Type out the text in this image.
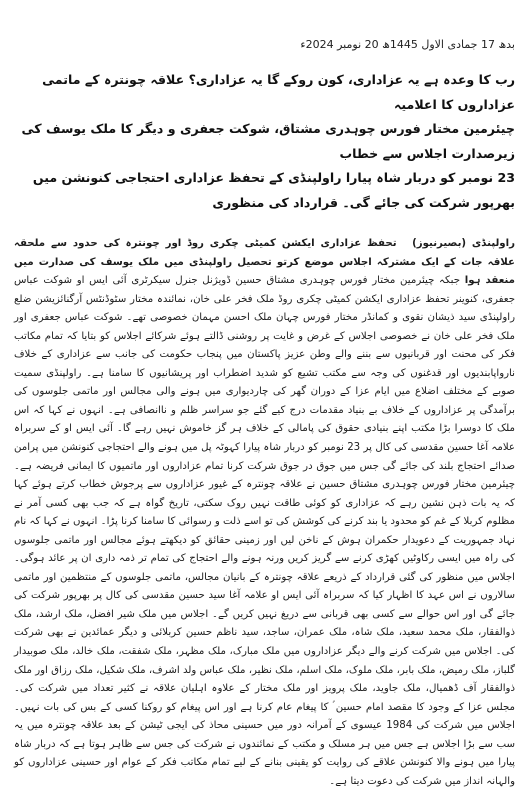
بدھ 17 جمادی الاول 1445ھ 20 نومبر 2024ء

رب کا وعدہ ہے یہ عزاداری، کون روکے گا یہ عزاداری؟ علاقہ چونترہ کے ماتمی عزاداروں کا اعلامیہ

چیئرمین مختار فورس چوہدری مشتاق، شوکت جعفری و دیگر کا ملک یوسف کی زیرصدارت اجلاس سے خطاب

23 نومبر کو دربار شاہ پیارا راولپنڈی کے تحفظ عزاداری احتجاجی کنونشن میں بھرپور شرکت کی جائے گی۔ قرارداد کی منظوری

راولپنڈی (بصیرنیوز) تحفظ عزاداری ایکشن کمیٹی چکری روڈ اور چونترہ کی حدود سے ملحقہ علاقہ جات کے ایک مشترکہ اجلاس موضع کرتو تحصیل راولپنڈی میں ملک یوسف کی صدارت میں منعقد ہوا جبکہ چیئرمین مختار فورس چوہدری مشتاق حسین ڈویژنل جنرل سیکرٹری آئی ایس او شوکت عباس جعفری، کنوینر تحفظ عزاداری ایکشن کمیٹی چکری روڈ ملک فخر علی خان، نمائندہ مختار سٹوڈنٹس آرگنائزیشن ضلع راولپنڈی سید ذیشان نقوی و کمانڈر مختار فورس چہان ملک احسن مہمان خصوصی تھے۔ شوکت عباس جعفری اور ملک فخر علی خان نے خصوصی اجلاس کے غرض و غایت پر روشنی ڈالتے ہوئے شرکائے اجلاس کو بتایا کہ تمام مکاتب فکر کی محنت اور قربانیوں سے بننے والے وطن عزیز پاکستان میں پنجاب حکومت کی جانب سے عزاداری کے خلاف نارواپابندیوں اور قدغنوں کی وجہ سے مکتب تشیع کو شدید اضطراب اور پریشانیوں کا سامنا ہے۔ راولپنڈی سمیت صوبے کے مختلف اضلاع میں ایام عزا کے دوران گھر کی چاردیواری میں ہونے والی مجالس اور ماتمی جلوسوں کی برآمدگی پر عزاداروں کے خلاف بے بنیاد مقدمات درج کیے گئے جو سراسر ظلم و ناانصافی ہے۔ انہوں نے کہا کہ اس ملک کا دوسرا بڑا مکتب اپنے بنیادی حقوق کی پامالی کے خلاف ہر گز خاموش نہیں رہے گا۔ آئی ایس او کے سربراہ علامہ آغا حسین مقدسی کی کال پر 23 نومبر کو دربار شاہ پیارا کہوٹہ پل میں ہونے والے احتجاجی کنونشن میں پرامن صدائے احتجاج بلند کی جائے گی جس میں جوق در جوق شرکت کرنا تمام عزاداروں اور ماتمیوں کا ایمانی فریضہ ہے۔ چیئرمین مختار فورس چوہدری مشتاق حسین نے علاقہ چونترہ کے غیور عزاداروں سے پرجوش خطاب کرتے ہوئے کہا کہ یہ بات ذہن نشین رہے کہ عزاداری کو کوئی طاقت نہیں روک سکتی، تاریخ گواہ ہے کہ جب بھی کسی آمر نے مظلوم کربلا کے غم کو محدود یا بند کرنے کی کوشش کی تو اسے ذلت و رسوائی کا سامنا کرنا پڑا۔ انہوں نے کہا کہ نام نہاد جمہوریت کے دعویدار حکمران ہوش کے ناخن لیں اور زمینی حقائق کو دیکھتے ہوئے مجالس اور ماتمی جلوسوں کی راہ میں ایسی رکاوٹیں کھڑی کرنے سے گریز کریں ورنہ ہونے والے احتجاج کی تمام تر ذمہ داری ان پر عائد ہوگی۔ اجلاس میں منظور کی گئی قرارداد کے ذریعے علاقہ چونترہ کے بانیان مجالس، ماتمی جلوسوں کے منتظمین اور ماتمی سالاروں نے اس عہد کا اظہار کیا کہ سربراہ آئی ایس او علامہ آغا سید حسین مقدسی کی کال پر بھرپور شرکت کی جائے گی اور اس حوالے سے کسی بھی قربانی سے دریغ نہیں کریں گے۔ اجلاس میں ملک شیر افضل، ملک ارشد، ملک ذوالفقار، ملک محمد سعید، ملک شاہ، ملک عمران، ساجد، سید ناظم حسین کربلائی و دیگر عمائدین نے بھی شرکت کی۔ اجلاس میں شرکت کرنے والے دیگر عزاداروں میں ملک مبارک، ملک مظہر، ملک شفقت، ملک خالد، ملک صوبیدار گلباز، ملک رمیض، ملک بابر، ملک ملوک، ملک اسلم، ملک نظیر، ملک عباس ولد اشرف، ملک شکیل، ملک رزاق اور ملک ذوالفقار آف ڈھمیال، ملک جاوید، ملک پرویز اور ملک مختار کے علاوہ اہلیان علاقہ نے کثیر تعداد میں شرکت کی۔ مجلس عزا کے وجود کا مقصد امام حسین ؑ کا پیغام عام کرنا ہے اور اس پیغام کو روکنا کسی کے بس کی بات نہیں۔ اجلاس میں شرکت کی 1984 عیسوی کے آمرانہ دور میں حسینی محاذ کی ایجی ٹیشن کے بعد علاقہ چونترہ میں یہ سب سے بڑا اجلاس ہے جس میں ہر مسلک و مکتب کے نمائندوں نے شرکت کی جس سے ظاہر ہوتا ہے کہ دربار شاہ پیارا میں ہونے والا کنونشن علاقے کی روایت کو یقینی بنانے کے لیے تمام مکاتب فکر کے عوام اور حسینی عزاداروں کو والہانہ انداز میں شرکت کی دعوت دیتا ہے۔
